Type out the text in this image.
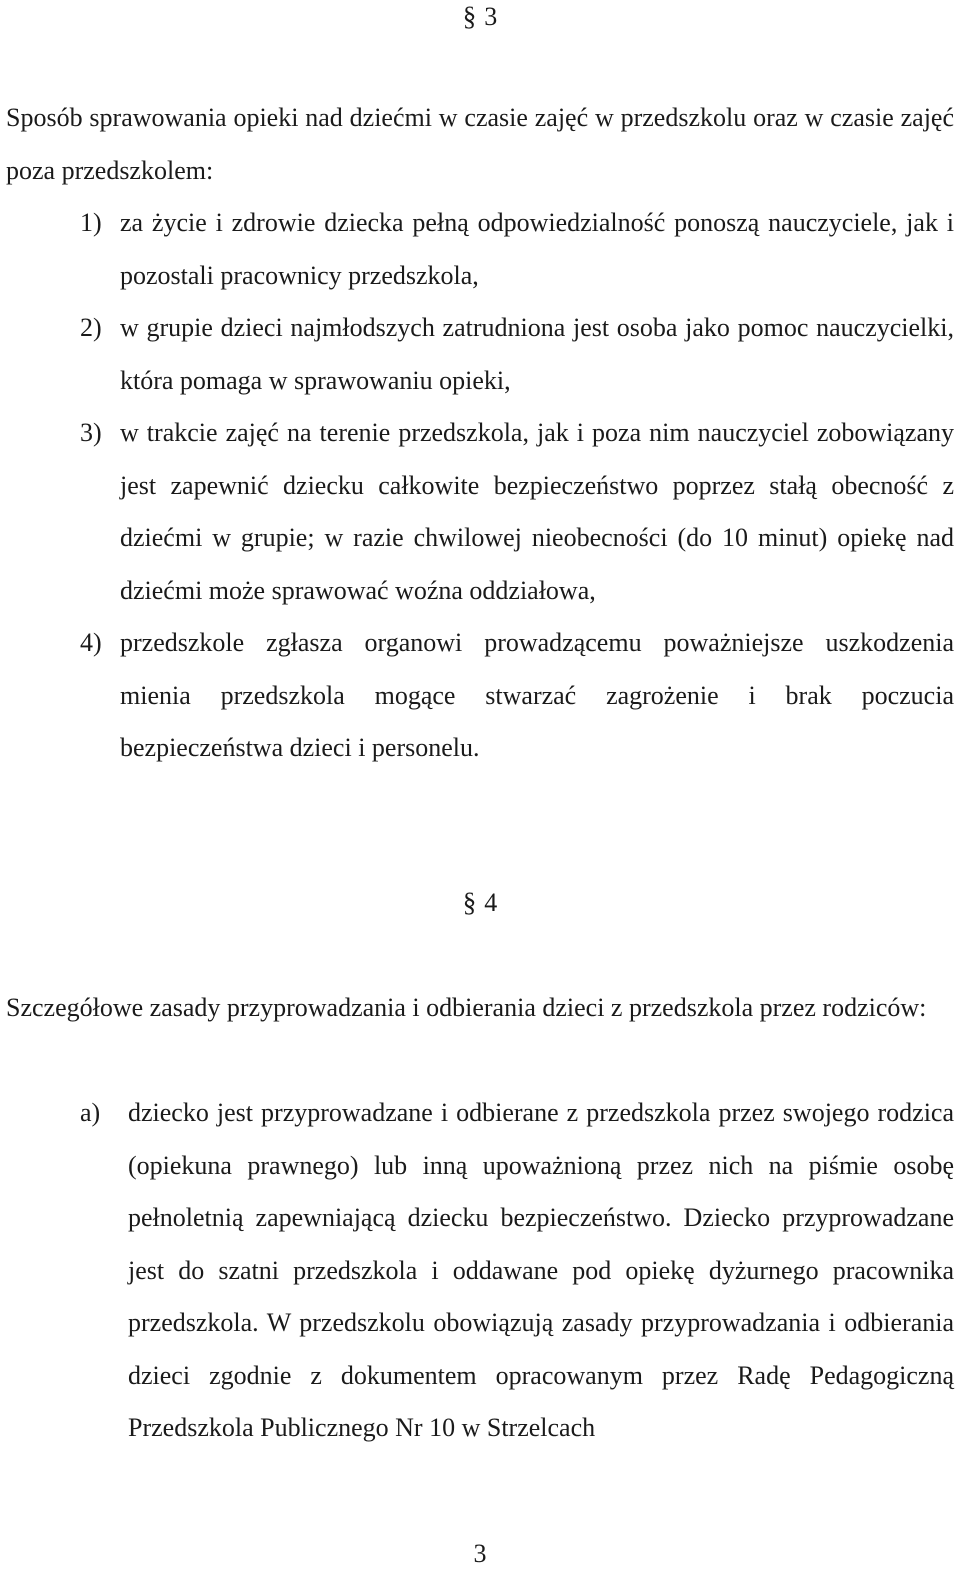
§ 3

Sposób sprawowania opieki nad dziećmi w czasie zajęć w przedszkolu oraz w czasie zajęć poza przedszkolem:

1) za życie i zdrowie dziecka pełną odpowiedzialność ponoszą nauczyciele, jak i pozostali pracownicy przedszkola,
2) w grupie dzieci najmłodszych zatrudniona jest osoba jako pomoc nauczycielki, która pomaga w sprawowaniu opieki,
3) w trakcie zajęć na terenie przedszkola, jak i poza nim nauczyciel zobowiązany jest zapewnić dziecku całkowite bezpieczeństwo poprzez stałą obecność z dziećmi w grupie; w razie chwilowej nieobecności (do 10 minut) opiekę nad dziećmi może sprawować woźna oddziałowa,
4) przedszkole zgłasza organowi prowadzącemu poważniejsze uszkodzenia mienia przedszkola mogące stwarzać zagrożenie i brak poczucia bezpieczeństwa dzieci i personelu.
§ 4

Szczegółowe zasady przyprowadzania i odbierania dzieci z przedszkola przez rodziców:

a) dziecko jest przyprowadzane i odbierane z przedszkola przez swojego rodzica (opiekuna prawnego) lub inną upoważnioną przez nich na piśmie osobę pełnoletnią zapewniającą dziecku bezpieczeństwo. Dziecko przyprowadzane jest do szatni przedszkola i oddawane pod opiekę dyżurnego pracownika przedszkola. W przedszkolu obowiązują zasady przyprowadzania i odbierania dzieci zgodnie z dokumentem opracowanym przez Radę Pedagogiczną Przedszkola Publicznego Nr 10 w Strzelcach
3
